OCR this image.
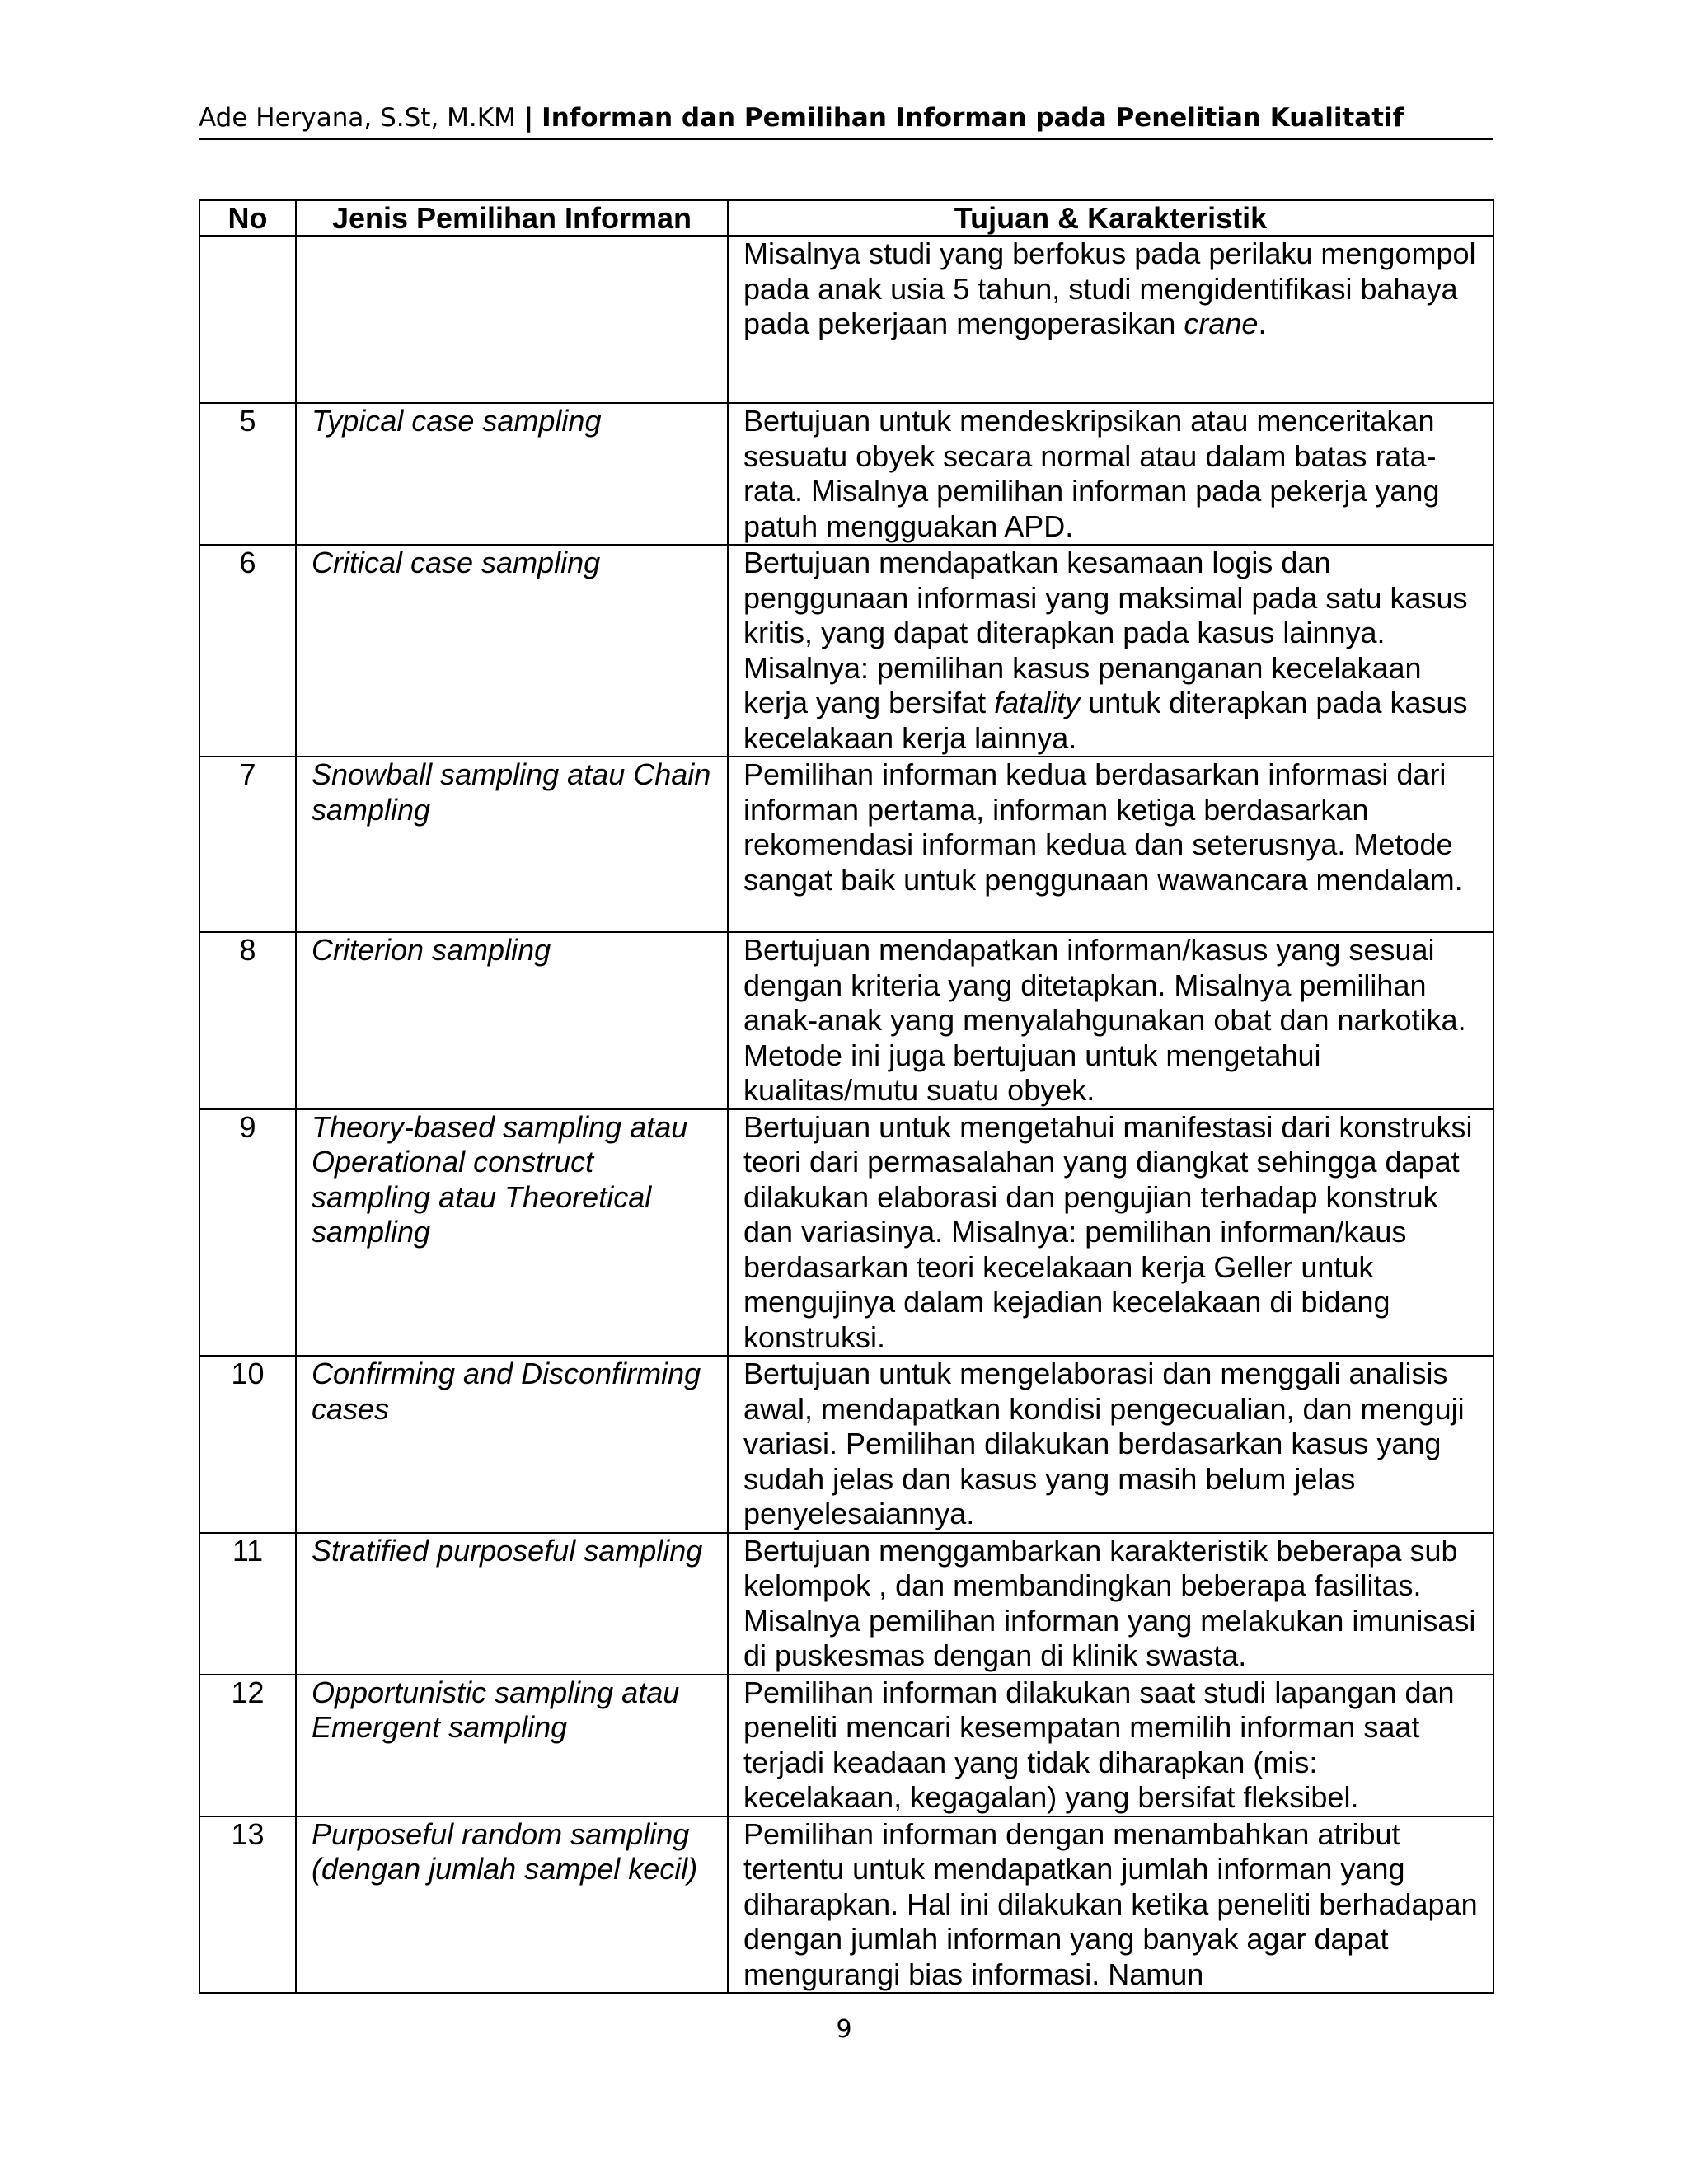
Ade Heryana, S.St, M.KM | Informan dan Pemilihan Informan pada Penelitian Kualitatif
No	Jenis Pemilihan Informan	Tujuan & Karakteristik
		Misalnya studi yang berfokus pada perilaku mengompol pada anak usia 5 tahun, studi mengidentifikasi bahaya pada pekerjaan mengoperasikan crane.
5	Typical case sampling	Bertujuan untuk mendeskripsikan atau menceritakan sesuatu obyek secara normal atau dalam batas rata-rata. Misalnya pemilihan informan pada pekerja yang patuh mengguakan APD.
6	Critical case sampling	Bertujuan mendapatkan kesamaan logis dan penggunaan informasi yang maksimal pada satu kasus kritis, yang dapat diterapkan pada kasus lainnya. Misalnya: pemilihan kasus penanganan kecelakaan kerja yang bersifat fatality untuk diterapkan pada kasus kecelakaan kerja lainnya.
7	Snowball sampling atau Chain sampling	Pemilihan informan kedua berdasarkan informasi dari informan pertama, informan ketiga berdasarkan rekomendasi informan kedua dan seterusnya. Metode sangat baik untuk penggunaan wawancara mendalam.
8	Criterion sampling	Bertujuan mendapatkan informan/kasus yang sesuai dengan kriteria yang ditetapkan. Misalnya pemilihan anak-anak yang menyalahgunakan obat dan narkotika. Metode ini juga bertujuan untuk mengetahui kualitas/mutu suatu obyek.
9	Theory-based sampling atau Operational construct sampling atau Theoretical sampling	Bertujuan untuk mengetahui manifestasi dari konstruksi teori dari permasalahan yang diangkat sehingga dapat dilakukan elaborasi dan pengujian terhadap konstruk dan variasinya. Misalnya: pemilihan informan/kaus berdasarkan teori kecelakaan kerja Geller untuk mengujinya dalam kejadian kecelakaan di bidang konstruksi.
10	Confirming and Disconfirming cases	Bertujuan untuk mengelaborasi dan menggali analisis awal, mendapatkan kondisi pengecualian, dan menguji variasi. Pemilihan dilakukan berdasarkan kasus yang sudah jelas dan kasus yang masih belum jelas penyelesaiannya.
11	Stratified purposeful sampling	Bertujuan menggambarkan karakteristik beberapa sub kelompok , dan membandingkan beberapa fasilitas. Misalnya pemilihan informan yang melakukan imunisasi di puskesmas dengan di klinik swasta.
12	Opportunistic sampling atau Emergent sampling	Pemilihan informan dilakukan saat studi lapangan dan peneliti mencari kesempatan memilih informan saat terjadi keadaan yang tidak diharapkan (mis: kecelakaan, kegagalan) yang bersifat fleksibel.
13	Purposeful random sampling (dengan jumlah sampel kecil)	Pemilihan informan dengan menambahkan atribut tertentu untuk mendapatkan jumlah informan yang diharapkan. Hal ini dilakukan ketika peneliti berhadapan dengan jumlah informan yang banyak agar dapat mengurangi bias informasi. Namun
9
